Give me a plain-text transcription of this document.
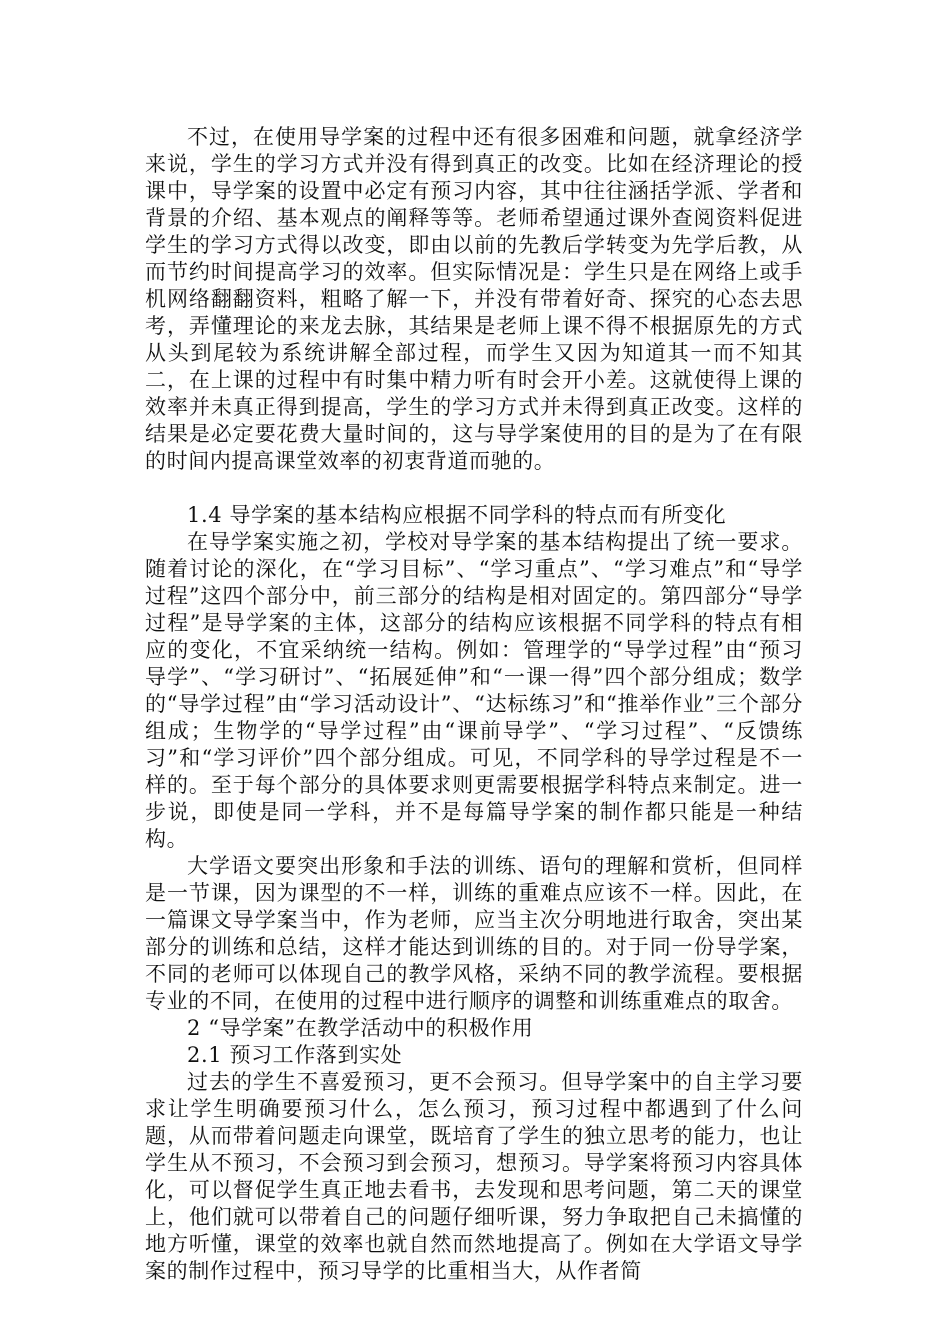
不过，在使用导学案的过程中还有很多困难和问题，就拿经济学来说，学生的学习方式并没有得到真正的改变。比如在经济理论的授课中，导学案的设置中必定有预习内容，其中往往涵括学派、学者和背景的介绍、基本观点的阐释等等。老师希望通过课外查阅资料促进学生的学习方式得以改变，即由以前的先教后学转变为先学后教，从而节约时间提高学习的效率。但实际情况是：学生只是在网络上或手机网络翻翻资料，粗略了解一下，并没有带着好奇、探究的心态去思考，弄懂理论的来龙去脉，其结果是老师上课不得不根据原先的方式从头到尾较为系统讲解全部过程，而学生又因为知道其一而不知其二，在上课的过程中有时集中精力听有时会开小差。这就使得上课的效率并未真正得到提高，学生的学习方式并未得到真正改变。这样的结果是必定要花费大量时间的，这与导学案使用的目的是为了在有限的时间内提高课堂效率的初衷背道而驰的。

1.4 导学案的基本结构应根据不同学科的特点而有所变化

在导学案实施之初，学校对导学案的基本结构提出了统一要求。随着讨论的深化，在“学习目标”、“学习重点”、“学习难点”和“导学过程”这四个部分中，前三部分的结构是相对固定的。第四部分“导学过程”是导学案的主体，这部分的结构应该根据不同学科的特点有相应的变化，不宜采纳统一结构。例如：管理学的“导学过程”由“预习导学”、“学习研讨”、“拓展延伸”和“一课一得”四个部分组成；数学的“导学过程”由“学习活动设计”、“达标练习”和“推举作业”三个部分组成；生物学的“导学过程”由“课前导学”、“学习过程”、“反馈练习”和“学习评价”四个部分组成。可见，不同学科的导学过程是不一样的。至于每个部分的具体要求则更需要根据学科特点来制定。进一步说，即使是同一学科，并不是每篇导学案的制作都只能是一种结构。

大学语文要突出形象和手法的训练、语句的理解和赏析，但同样是一节课，因为课型的不一样，训练的重难点应该不一样。因此，在一篇课文导学案当中，作为老师，应当主次分明地进行取舍，突出某部分的训练和总结，这样才能达到训练的目的。对于同一份导学案，不同的老师可以体现自己的教学风格，采纳不同的教学流程。要根据专业的不同，在使用的过程中进行顺序的调整和训练重难点的取舍。

2 “导学案”在教学活动中的积极作用

2.1 预习工作落到实处

过去的学生不喜爱预习，更不会预习。但导学案中的自主学习要求让学生明确要预习什么，怎么预习，预习过程中都遇到了什么问题，从而带着问题走向课堂，既培育了学生的独立思考的能力，也让学生从不预习，不会预习到会预习，想预习。导学案将预习内容具体化，可以督促学生真正地去看书，去发现和思考问题，第二天的课堂上，他们就可以带着自己的问题仔细听课，努力争取把自己未搞懂的地方听懂，课堂的效率也就自然而然地提高了。例如在大学语文导学案的制作过程中，预习导学的比重相当大，从作者简
